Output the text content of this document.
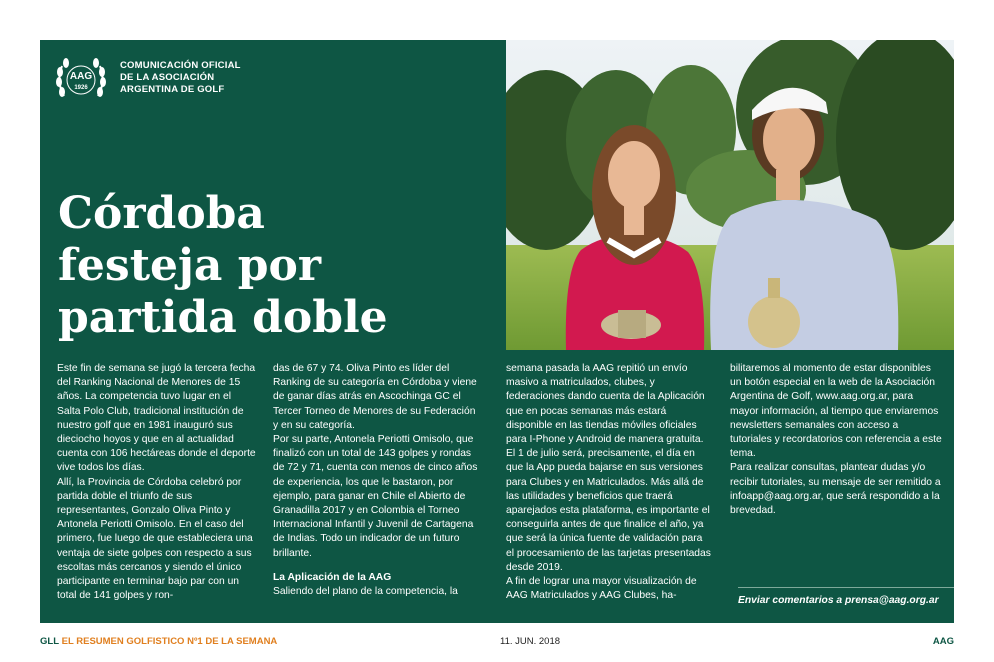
AAG
1926
COMUNICACIÓN OFICIAL
DE LA ASOCIACIÓN
ARGENTINA DE GOLF
Córdoba
festeja por
partida doble

Este fin de semana se jugó la tercera fecha del Ranking Nacional de Menores de 15 años. La competencia tuvo lugar en el Salta Polo Club, tradicional institución de nuestro golf que en 1981 inauguró sus dieciocho hoyos y que en al actualidad cuenta con 106 hectáreas donde el deporte vive todos los días.

Allí, la Provincia de Córdoba celebró por partida doble el triunfo de sus representantes, Gonzalo Oliva Pinto y Antonela Periotti Omisolo. En el caso del primero, fue luego de que estableciera una ventaja de siete golpes con respecto a sus escoltas más cercanos y siendo el único participante en terminar bajo par con un total de 141 golpes y ron-

das de 67 y 74. Oliva Pinto es líder del Ranking de su categoría en Córdoba y viene de ganar días atrás en Ascochinga GC el Tercer Torneo de Menores de su Federación y en su categoría.

Por su parte, Antonela Periotti Omisolo, que finalizó con un total de 143 golpes y rondas de 72 y 71, cuenta con menos de cinco años de experiencia, los que le bastaron, por ejemplo, para ganar en Chile el Abierto de Granadilla 2017 y en Colombia el Torneo Internacional Infantil y Juvenil de Cartagena de Indias. Todo un indicador de un futuro brillante.

La Aplicación de la AAG

Saliendo del plano de la competencia, la

semana pasada la AAG repitió un envío masivo a matriculados, clubes, y federaciones dando cuenta de la Aplicación que en pocas semanas más estará disponible en las tiendas móviles oficiales para I-Phone y Android de manera gratuita.

El 1 de julio será, precisamente, el día en que la App pueda bajarse en sus versiones para Clubes y en Matriculados. Más allá de las utilidades y beneficios que traerá aparejados esta plataforma, es importante el conseguirla antes de que finalice el año, ya que será la única fuente de validación para el procesamiento de las tarjetas presentadas desde 2019.

A fin de lograr una mayor visualización de AAG Matriculados y AAG Clubes, ha-

bilitaremos al momento de estar disponibles un botón especial en la web de la Asociación Argentina de Golf, www.aag.org.ar, para mayor información, al tiempo que enviaremos newsletters semanales con acceso a tutoriales y recordatorios con referencia a este tema.

Para realizar consultas, plantear dudas y/o recibir tutoriales, su mensaje de ser remitido a infoapp@aag.org.ar, que será respondido a la brevedad.

Enviar comentarios a prensa@aag.org.ar
GLL EL RESUMEN GOLFISTICO Nº1 DE LA SEMANA	11. JUN. 2018	AAG
